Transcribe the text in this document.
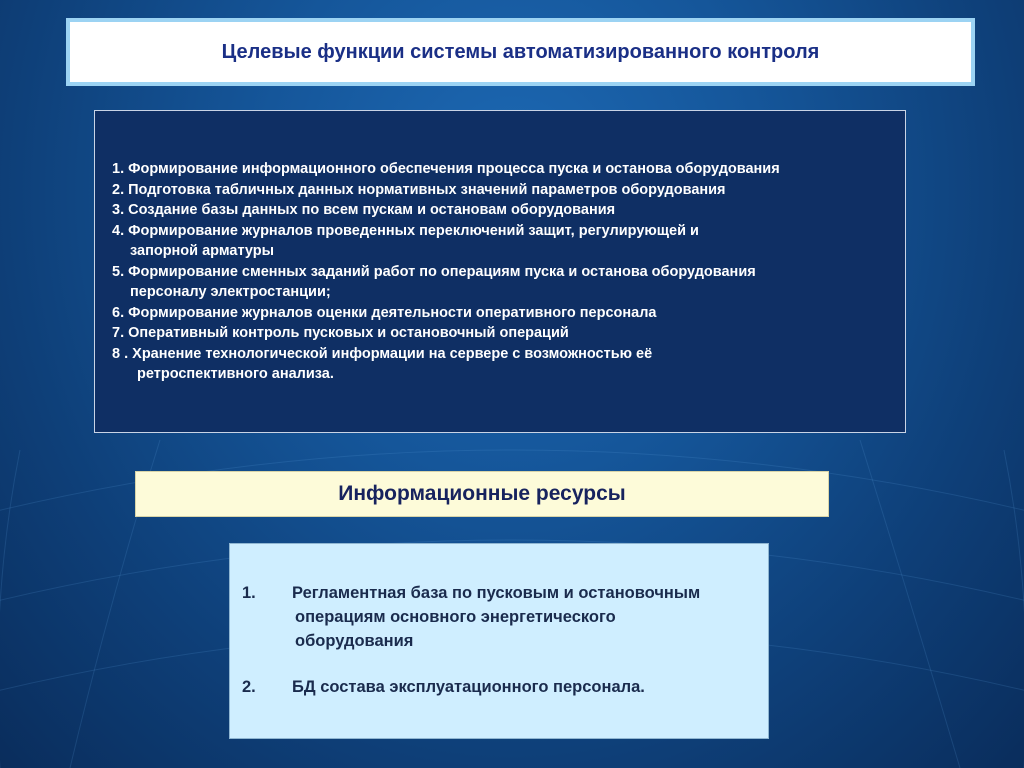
Целевые функции системы автоматизированного контроля
1. Формирование информационного обеспечения процесса пуска и останова оборудования
2. Подготовка табличных данных нормативных значений параметров оборудования
3. Создание базы данных по всем пускам и остановам оборудования
4. Формирование журналов проведенных переключений защит, регулирующей и
запорной арматуры
5. Формирование сменных заданий работ по операциям пуска и останова оборудования
персоналу электростанции;
6. Формирование журналов оценки деятельности оперативного персонала
7. Оперативный контроль пусковых и остановочный операций
8 . Хранение технологической информации на сервере с возможностью её
ретроспективного анализа.
Информационные ресурсы
1. Регламентная база по пусковым и остановочным
операциям основного энергетического
оборудования
2. БД состава эксплуатационного персонала.
